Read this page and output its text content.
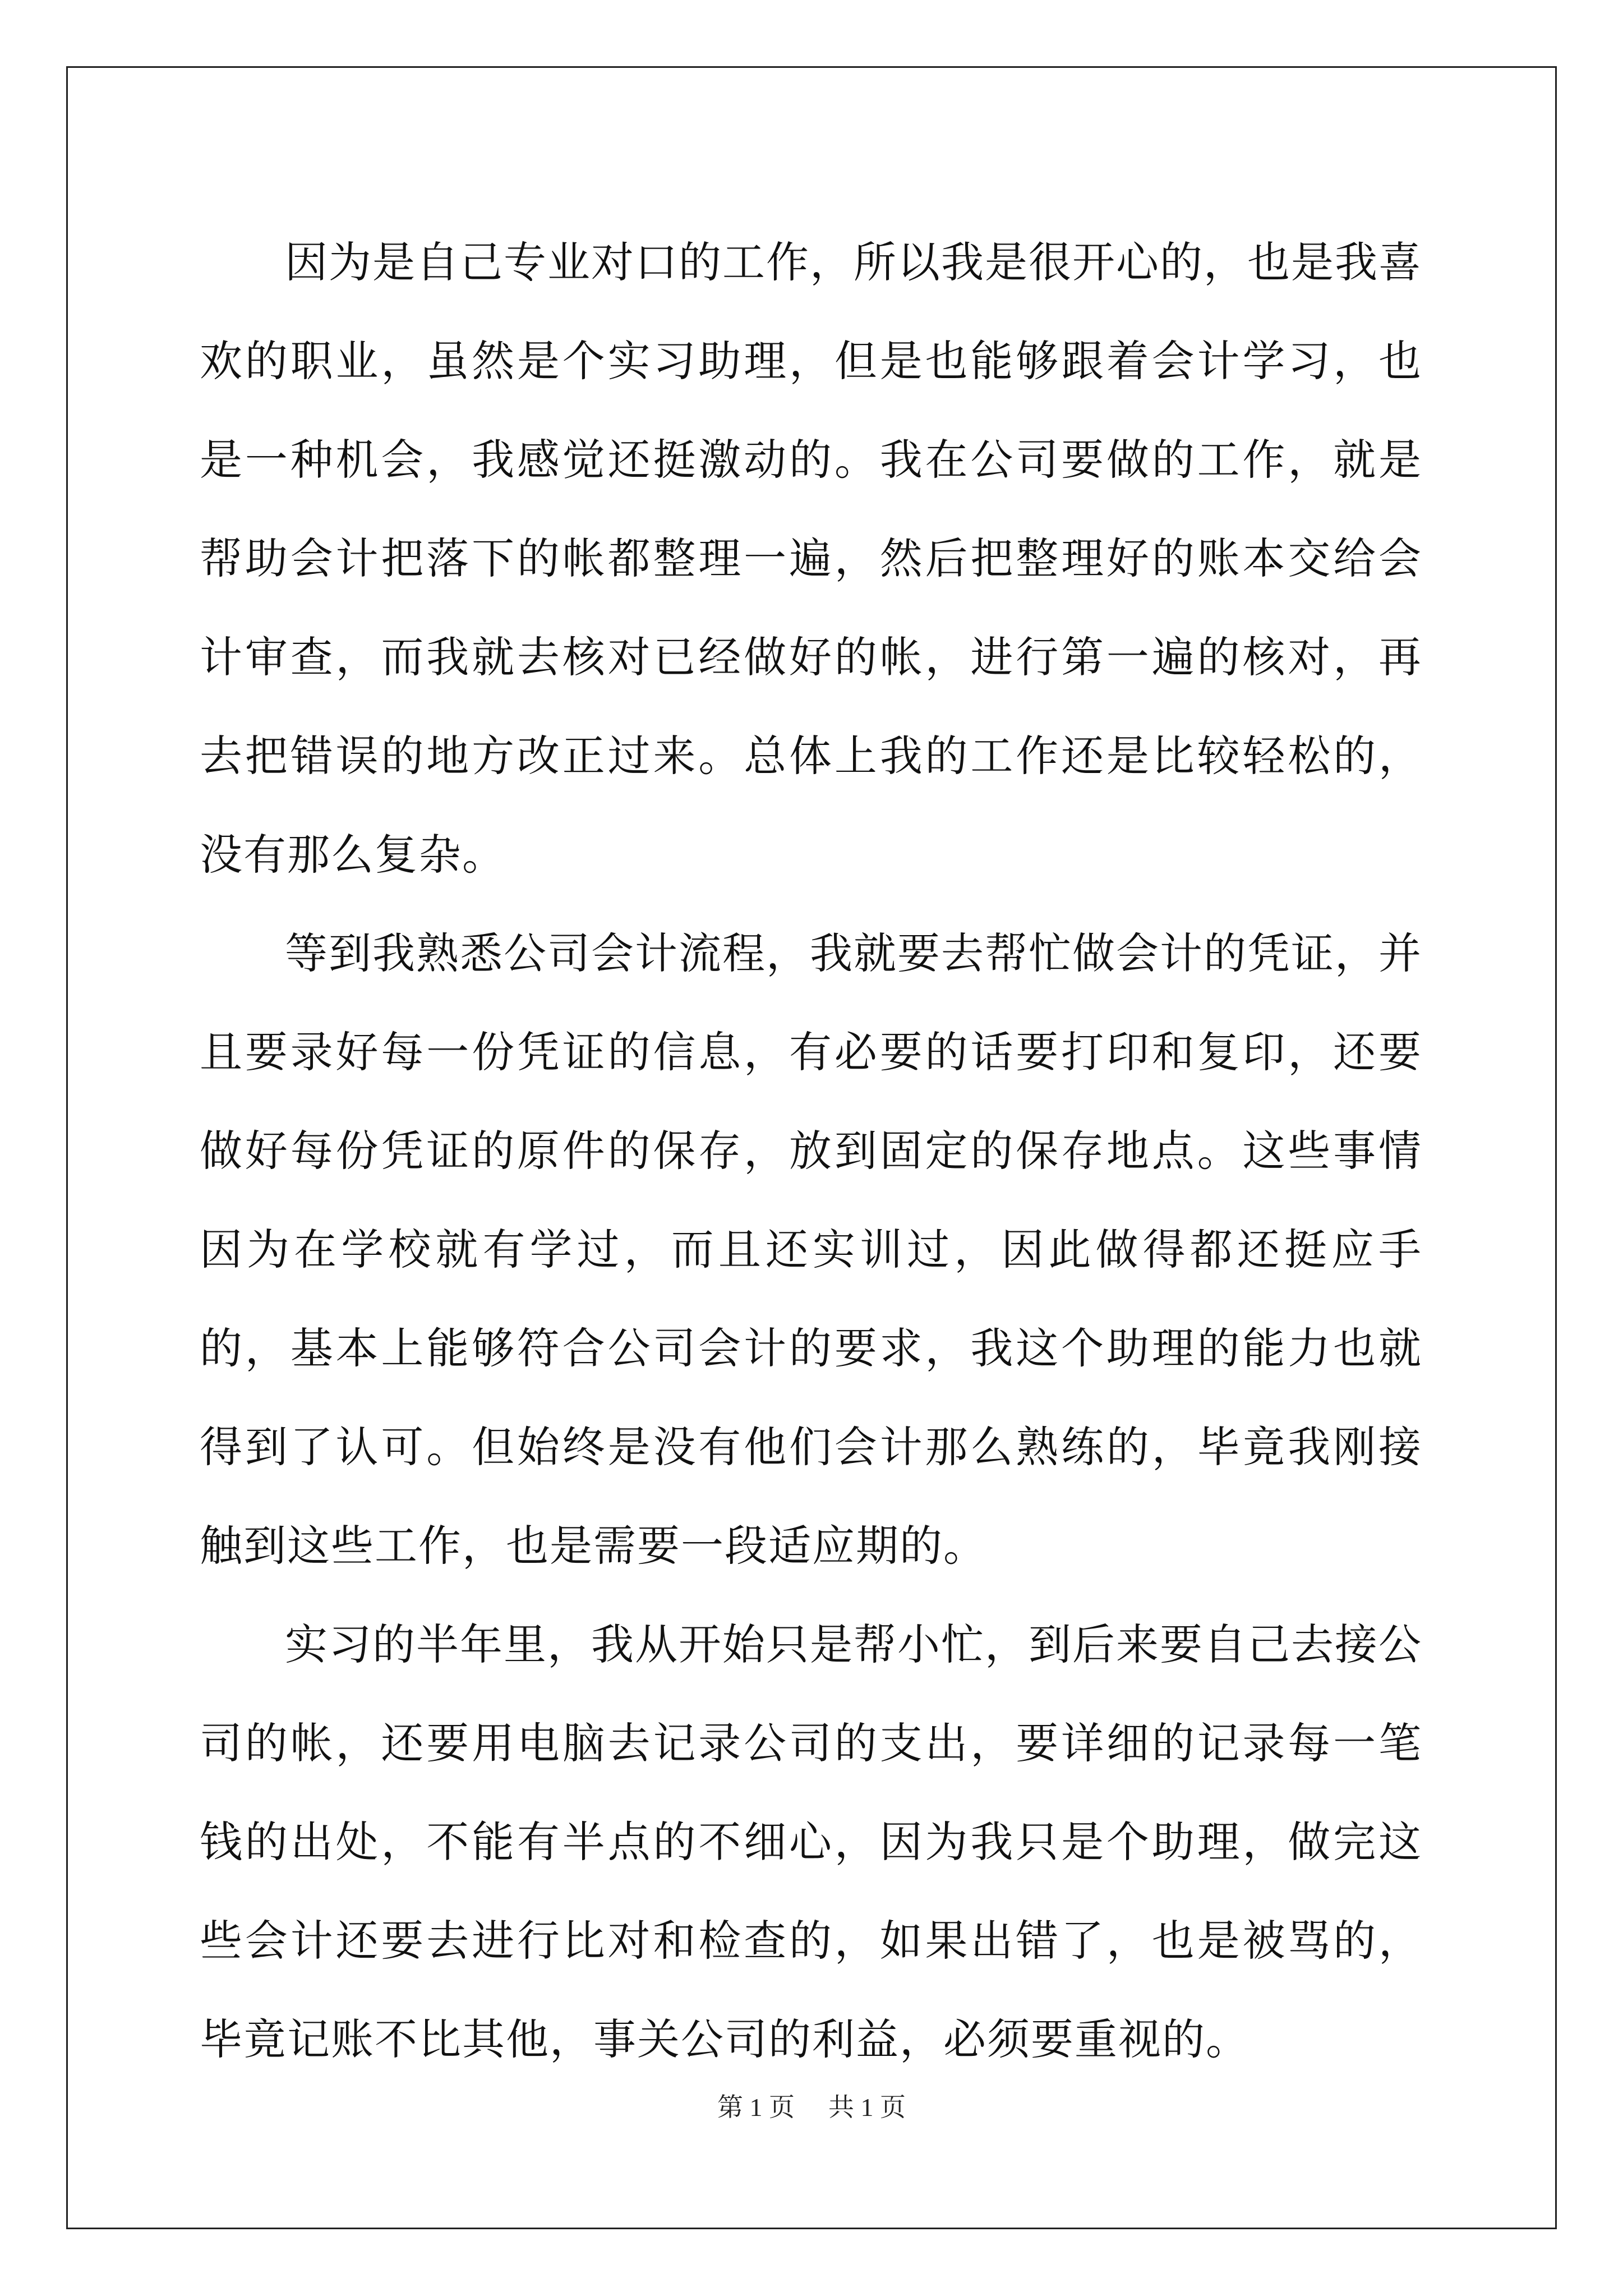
因为是自己专业对口的工作，所以我是很开心的，也是我喜欢的职业，虽然是个实习助理，但是也能够跟着会计学习，也是一种机会，我感觉还挺激动的。我在公司要做的工作，就是帮助会计把落下的帐都整理一遍，然后把整理好的账本交给会计审查，而我就去核对已经做好的帐，进行第一遍的核对，再去把错误的地方改正过来。总体上我的工作还是比较轻松的，没有那么复杂。

等到我熟悉公司会计流程，我就要去帮忙做会计的凭证，并且要录好每一份凭证的信息，有必要的话要打印和复印，还要做好每份凭证的原件的保存，放到固定的保存地点。这些事情因为在学校就有学过，而且还实训过，因此做得都还挺应手的，基本上能够符合公司会计的要求，我这个助理的能力也就得到了认可。但始终是没有他们会计那么熟练的，毕竟我刚接触到这些工作，也是需要一段适应期的。

实习的半年里，我从开始只是帮小忙，到后来要自己去接公司的帐，还要用电脑去记录公司的支出，要详细的记录每一笔钱的出处，不能有半点的不细心，因为我只是个助理，做完这些会计还要去进行比对和检查的，如果出错了，也是被骂的，毕竟记账不比其他，事关公司的利益，必须要重视的。

第 1 页 共 1 页
